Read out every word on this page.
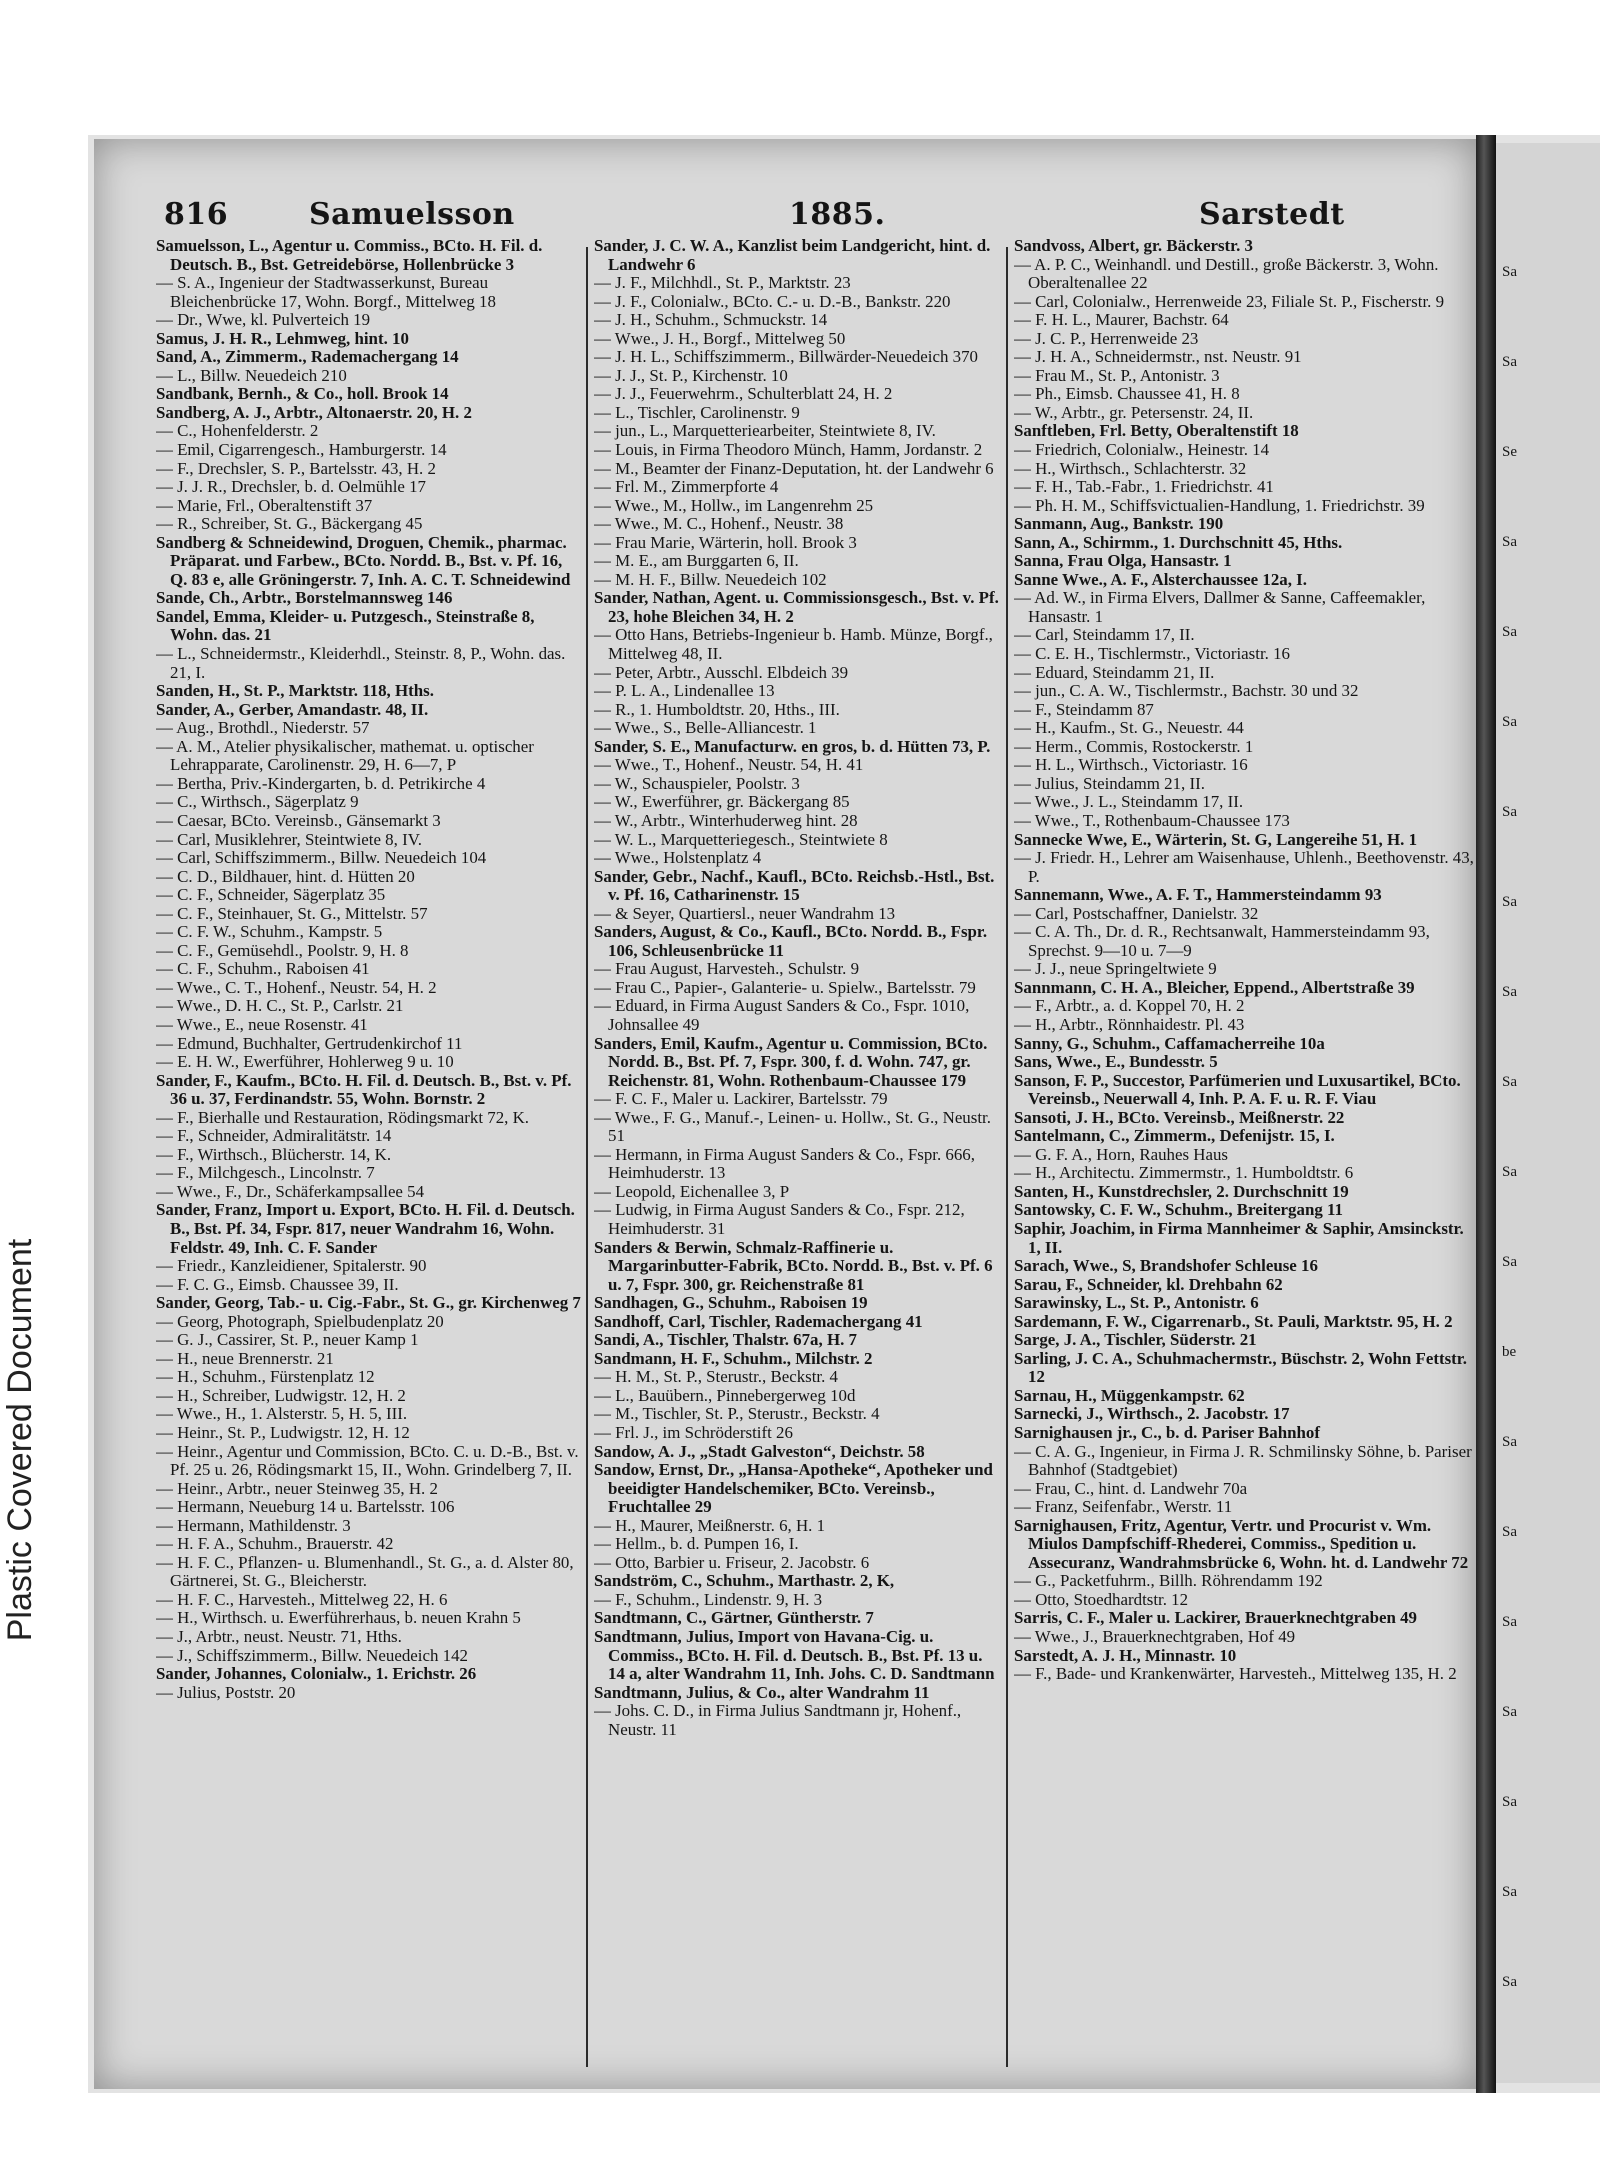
816	Samuelsson	1885.	Sarstedt
Samuelsson, L., Agentur u. Commiss., BCto. H. Fil. d. Deutsch. B., Bst. Getreidebörse, Hollenbrücke 3
— S. A., Ingenieur der Stadtwasserkunst, Bureau Bleichenbrücke 17, Wohn. Borgf., Mittelweg 18
— Dr., Wwe, kl. Pulverteich 19
Samus, J. H. R., Lehmweg, hint. 10
Sand, A., Zimmerm., Rademachergang 14
— L., Billw. Neuedeich 210
Sandbank, Bernh., & Co., holl. Brook 14
Sandberg, A. J., Arbtr., Altonaerstr. 20, H. 2
— C., Hohenfelderstr. 2
— Emil, Cigarrengesch., Hamburgerstr. 14
— F., Drechsler, S. P., Bartelsstr. 43, H. 2
— J. J. R., Drechsler, b. d. Oelmühle 17
— Marie, Frl., Oberaltenstift 37
— R., Schreiber, St. G., Bäckergang 45
Sandberg & Schneidewind, Droguen, Chemik., pharmac. Präparat. und Farbew., BCto. Nordd. B., Bst. v. Pf. 16, Q. 83 e, alle Gröningerstr. 7, Inh. A. C. T. Schneidewind
Sande, Ch., Arbtr., Borstelmannsweg 146
Sandel, Emma, Kleider- u. Putzgesch., Steinstraße 8, Wohn. das. 21
— L., Schneidermstr., Kleiderhdl., Steinstr. 8, P., Wohn. das. 21, I.
Sanden, H., St. P., Marktstr. 118, Hths.
Sander, A., Gerber, Amandastr. 48, II.
— Aug., Brothdl., Niederstr. 57
— A. M., Atelier physikalischer, mathemat. u. optischer Lehrapparate, Carolinenstr. 29, H. 6—7, P
— Bertha, Priv.-Kindergarten, b. d. Petrikirche 4
— C., Wirthsch., Sägerplatz 9
— Caesar, BCto. Vereinsb., Gänsemarkt 3
— Carl, Musiklehrer, Steintwiete 8, IV.
— Carl, Schiffszimmerm., Billw. Neuedeich 104
— C. D., Bildhauer, hint. d. Hütten 20
— C. F., Schneider, Sägerplatz 35
— C. F., Steinhauer, St. G., Mittelstr. 57
— C. F. W., Schuhm., Kampstr. 5
— C. F., Gemüsehdl., Poolstr. 9, H. 8
— C. F., Schuhm., Raboisen 41
— Wwe., C. T., Hohenf., Neustr. 54, H. 2
— Wwe., D. H. C., St. P., Carlstr. 21
— Wwe., E., neue Rosenstr. 41
— Edmund, Buchhalter, Gertrudenkirchof 11
— E. H. W., Ewerführer, Hohlerweg 9 u. 10
Sander, F., Kaufm., BCto. H. Fil. d. Deutsch. B., Bst. v. Pf. 36 u. 37, Ferdinandstr. 55, Wohn. Bornstr. 2
— F., Bierhalle und Restauration, Rödingsmarkt 72, K.
— F., Schneider, Admiralitätstr. 14
— F., Wirthsch., Blücherstr. 14, K.
— F., Milchgesch., Lincolnstr. 7
— Wwe., F., Dr., Schäferkampsallee 54
Sander, Franz, Import u. Export, BCto. H. Fil. d. Deutsch. B., Bst. Pf. 34, Fspr. 817, neuer Wandrahm 16, Wohn. Feldstr. 49, Inh. C. F. Sander
— Friedr., Kanzleidiener, Spitalerstr. 90
— F. C. G., Eimsb. Chaussee 39, II.
Sander, Georg, Tab.- u. Cig.-Fabr., St. G., gr. Kirchenweg 7
— Georg, Photograph, Spielbudenplatz 20
— G. J., Cassirer, St. P., neuer Kamp 1
— H., neue Brennerstr. 21
— H., Schuhm., Fürstenplatz 12
— H., Schreiber, Ludwigstr. 12, H. 2
— Wwe., H., 1. Alsterstr. 5, H. 5, III.
— Heinr., St. P., Ludwigstr. 12, H. 12
— Heinr., Agentur und Commission, BCto. C. u. D.-B., Bst. v. Pf. 25 u. 26, Rödingsmarkt 15, II., Wohn. Grindelberg 7, II.
— Heinr., Arbtr., neuer Steinweg 35, H. 2
— Hermann, Neueburg 14 u. Bartelsstr. 106
— Hermann, Mathildenstr. 3
— H. F. A., Schuhm., Brauerstr. 42
— H. F. C., Pflanzen- u. Blumenhandl., St. G., a. d. Alster 80, Gärtnerei, St. G., Bleicherstr.
— H. F. C., Harvesteh., Mittelweg 22, H. 6
— H., Wirthsch. u. Ewerführerhaus, b. neuen Krahn 5
— J., Arbtr., neust. Neustr. 71, Hths.
— J., Schiffszimmerm., Billw. Neuedeich 142
Sander, Johannes, Colonialw., 1. Erichstr. 26
— Julius, Poststr. 20
Sander, J. C. W. A., Kanzlist beim Landgericht, hint. d. Landwehr 6
— J. F., Milchhdl., St. P., Marktstr. 23
— J. F., Colonialw., BCto. C.- u. D.-B., Bankstr. 220
— J. H., Schuhm., Schmuckstr. 14
— Wwe., J. H., Borgf., Mittelweg 50
— J. H. L., Schiffszimmerm., Billwärder-Neuedeich 370
— J. J., St. P., Kirchenstr. 10
— J. J., Feuerwehrm., Schulterblatt 24, H. 2
— L., Tischler, Carolinenstr. 9
— jun., L., Marquetteriearbeiter, Steintwiete 8, IV.
— Louis, in Firma Theodoro Münch, Hamm, Jordanstr. 2
— M., Beamter der Finanz-Deputation, ht. der Landwehr 6
— Frl. M., Zimmerpforte 4
— Wwe., M., Hollw., im Langenrehm 25
— Wwe., M. C., Hohenf., Neustr. 38
— Frau Marie, Wärterin, holl. Brook 3
— M. E., am Burggarten 6, II.
— M. H. F., Billw. Neuedeich 102
Sander, Nathan, Agent. u. Commissionsgesch., Bst. v. Pf. 23, hohe Bleichen 34, H. 2
— Otto Hans, Betriebs-Ingenieur b. Hamb. Münze, Borgf., Mittelweg 48, II.
— Peter, Arbtr., Ausschl. Elbdeich 39
— P. L. A., Lindenallee 13
— R., 1. Humboldtstr. 20, Hths., III.
— Wwe., S., Belle-Alliancestr. 1
Sander, S. E., Manufacturw. en gros, b. d. Hütten 73, P.
— Wwe., T., Hohenf., Neustr. 54, H. 41
— W., Schauspieler, Poolstr. 3
— W., Ewerführer, gr. Bäckergang 85
— W., Arbtr., Winterhuderweg hint. 28
— W. L., Marquetteriegesch., Steintwiete 8
— Wwe., Holstenplatz 4
Sander, Gebr., Nachf., Kaufl., BCto. Reichsb.-Hstl., Bst. v. Pf. 16, Catharinenstr. 15
— & Seyer, Quartiersl., neuer Wandrahm 13
Sanders, August, & Co., Kaufl., BCto. Nordd. B., Fspr. 106, Schleusenbrücke 11
— Frau August, Harvesteh., Schulstr. 9
— Frau C., Papier-, Galanterie- u. Spielw., Bartelsstr. 79
— Eduard, in Firma August Sanders & Co., Fspr. 1010, Johnsallee 49
Sanders, Emil, Kaufm., Agentur u. Commission, BCto. Nordd. B., Bst. Pf. 7, Fspr. 300, f. d. Wohn. 747, gr. Reichenstr. 81, Wohn. Rothenbaum-Chaussee 179
— F. C. F., Maler u. Lackirer, Bartelsstr. 79
— Wwe., F. G., Manuf.-, Leinen- u. Hollw., St. G., Neustr. 51
— Hermann, in Firma August Sanders & Co., Fspr. 666, Heimhuderstr. 13
— Leopold, Eichenallee 3, P
— Ludwig, in Firma August Sanders & Co., Fspr. 212, Heimhuderstr. 31
Sanders & Berwin, Schmalz-Raffinerie u. Margarinbutter-Fabrik, BCto. Nordd. B., Bst. v. Pf. 6 u. 7, Fspr. 300, gr. Reichenstraße 81
Sandhagen, G., Schuhm., Raboisen 19
Sandhoff, Carl, Tischler, Rademachergang 41
Sandi, A., Tischler, Thalstr. 67a, H. 7
Sandmann, H. F., Schuhm., Milchstr. 2
— H. M., St. P., Sterustr., Beckstr. 4
— L., Bauübern., Pinnebergerweg 10d
— M., Tischler, St. P., Sterustr., Beckstr. 4
— Frl. J., im Schröderstift 26
Sandow, A. J., „Stadt Galveston“, Deichstr. 58
Sandow, Ernst, Dr., „Hansa-Apotheke“, Apotheker und beeidigter Handelschemiker, BCto. Vereinsb., Fruchtallee 29
— H., Maurer, Meißnerstr. 6, H. 1
— Hellm., b. d. Pumpen 16, I.
— Otto, Barbier u. Friseur, 2. Jacobstr. 6
Sandström, C., Schuhm., Marthastr. 2, K,
— F., Schuhm., Lindenstr. 9, H. 3
Sandtmann, C., Gärtner, Güntherstr. 7
Sandtmann, Julius, Import von Havana-Cig. u. Commiss., BCto. H. Fil. d. Deutsch. B., Bst. Pf. 13 u. 14 a, alter Wandrahm 11, Inh. Johs. C. D. Sandtmann
Sandtmann, Julius, & Co., alter Wandrahm 11
— Johs. C. D., in Firma Julius Sandtmann jr, Hohenf., Neustr. 11
Sandvoss, Albert, gr. Bäckerstr. 3
— A. P. C., Weinhandl. und Destill., große Bäckerstr. 3, Wohn. Oberaltenallee 22
— Carl, Colonialw., Herrenweide 23, Filiale St. P., Fischerstr. 9
— F. H. L., Maurer, Bachstr. 64
— J. C. P., Herrenweide 23
— J. H. A., Schneidermstr., nst. Neustr. 91
— Frau M., St. P., Antonistr. 3
— Ph., Eimsb. Chaussee 41, H. 8
— W., Arbtr., gr. Petersenstr. 24, II.
Sanftleben, Frl. Betty, Oberaltenstift 18
— Friedrich, Colonialw., Heinestr. 14
— H., Wirthsch., Schlachterstr. 32
— F. H., Tab.-Fabr., 1. Friedrichstr. 41
— Ph. H. M., Schiffsvictualien-Handlung, 1. Friedrichstr. 39
Sanmann, Aug., Bankstr. 190
Sann, A., Schirmm., 1. Durchschnitt 45, Hths.
Sanna, Frau Olga, Hansastr. 1
Sanne Wwe., A. F., Alsterchaussee 12a, I.
— Ad. W., in Firma Elvers, Dallmer & Sanne, Caffeemakler, Hansastr. 1
— Carl, Steindamm 17, II.
— C. E. H., Tischlermstr., Victoriastr. 16
— Eduard, Steindamm 21, II.
— jun., C. A. W., Tischlermstr., Bachstr. 30 und 32
— F., Steindamm 87
— H., Kaufm., St. G., Neuestr. 44
— Herm., Commis, Rostockerstr. 1
— H. L., Wirthsch., Victoriastr. 16
— Julius, Steindamm 21, II.
— Wwe., J. L., Steindamm 17, II.
— Wwe., T., Rothenbaum-Chaussee 173
Sannecke Wwe, E., Wärterin, St. G, Langereihe 51, H. 1
— J. Friedr. H., Lehrer am Waisenhause, Uhlenh., Beethovenstr. 43, P.
Sannemann, Wwe., A. F. T., Hammersteindamm 93
— Carl, Postschaffner, Danielstr. 32
— C. A. Th., Dr. d. R., Rechtsanwalt, Hammersteindamm 93, Sprechst. 9—10 u. 7—9
— J. J., neue Springeltwiete 9
Sannmann, C. H. A., Bleicher, Eppend., Albertstraße 39
— F., Arbtr., a. d. Koppel 70, H. 2
— H., Arbtr., Rönnhaidestr. Pl. 43
Sanny, G., Schuhm., Caffamacherreihe 10a
Sans, Wwe., E., Bundesstr. 5
Sanson, F. P., Succestor, Parfümerien und Luxusartikel, BCto. Vereinsb., Neuerwall 4, Inh. P. A. F. u. R. F. Viau
Sansoti, J. H., BCto. Vereinsb., Meißnerstr. 22
Santelmann, C., Zimmerm., Defenijstr. 15, I.
— G. F. A., Horn, Rauhes Haus
— H., Architectu. Zimmermstr., 1. Humboldtstr. 6
Santen, H., Kunstdrechsler, 2. Durchschnitt 19
Santowsky, C. F. W., Schuhm., Breitergang 11
Saphir, Joachim, in Firma Mannheimer & Saphir, Amsinckstr. 1, II.
Sarach, Wwe., S, Brandshofer Schleuse 16
Sarau, F., Schneider, kl. Drehbahn 62
Sarawinsky, L., St. P., Antonistr. 6
Sardemann, F. W., Cigarrenarb., St. Pauli, Marktstr. 95, H. 2
Sarge, J. A., Tischler, Süderstr. 21
Sarling, J. C. A., Schuhmachermstr., Büschstr. 2, Wohn Fettstr. 12
Sarnau, H., Müggenkampstr. 62
Sarnecki, J., Wirthsch., 2. Jacobstr. 17
Sarnighausen jr., C., b. d. Pariser Bahnhof
— C. A. G., Ingenieur, in Firma J. R. Schmilinsky Söhne, b. Pariser Bahnhof (Stadtgebiet)
— Frau, C., hint. d. Landwehr 70a
— Franz, Seifenfabr., Werstr. 11
Sarnighausen, Fritz, Agentur, Vertr. und Procurist v. Wm. Miulos Dampfschiff-Rhederei, Commiss., Spedition u. Assecuranz, Wandrahmsbrücke 6, Wohn. ht. d. Landwehr 72
— G., Packetfuhrm., Billh. Röhrendamm 192
— Otto, Stoedhardtstr. 12
Sarris, C. F., Maler u. Lackirer, Brauerknechtgraben 49
— Wwe., J., Brauerknechtgraben, Hof 49
Sarstedt, A. J. H., Minnastr. 10
— F., Bade- und Krankenwärter, Harvesteh., Mittelweg 135, H. 2
Sa
Sa
Se
Sa
Sa
Sa
Sa
Sa
Sa
Sa
Sa
Sa
be
Sa
Sa
Sa
Sa
Sa
Sa
Sa
Plastic Covered Document
